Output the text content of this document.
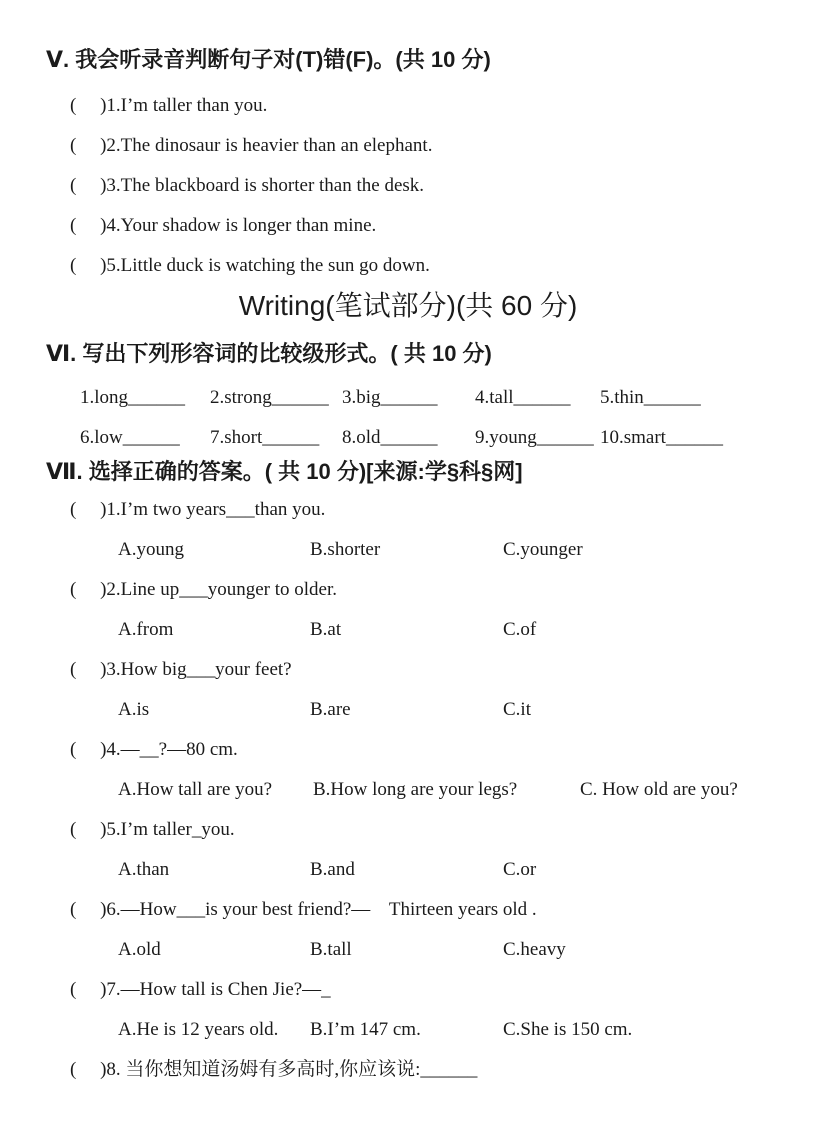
Ⅴ. 我会听录音判断句子对(T)错(F)。(共 10 分)
(     )1.I’m taller than you.
(     )2.The dinosaur is heavier than an elephant.
(     )3.The blackboard is shorter than the desk.
(     )4.Your shadow is longer than mine.
(     )5.Little duck is watching the sun go down.
Writing(笔试部分)(共 60 分)
Ⅵ. 写出下列形容词的比较级形式。( 共 10 分)
1.long______	2.strong______ 3.big______	4.tall______	5.thin______
6.low______	7.short______	8.old______	9.young______ 10.smart______
Ⅶ. 选择正确的答案。( 共 10 分)[来源:学§科§网]
(     )1.I’m two years___than you.
A.young	B.shorter	C.younger
(     )2.Line up___younger to older.
A.from	B.at	C.of
(     )3.How big___your feet?
A.is	B.are	C.it
(     )4.—__?—80 cm.
A.How tall are you?	B.How long are your legs?	C. How old are you?
(     )5.I’m taller_you.
A.than	B.and	C.or
(     )6.—How___is your best friend?—    Thirteen years old .
A.old	B.tall	C.heavy
(     )7.—How tall is Chen Jie?—_
A.He is 12 years old.	B.I’m 147 cm.	C.She is 150 cm.
(     )8. 当你想知道汤姆有多高时,你应该说:______
